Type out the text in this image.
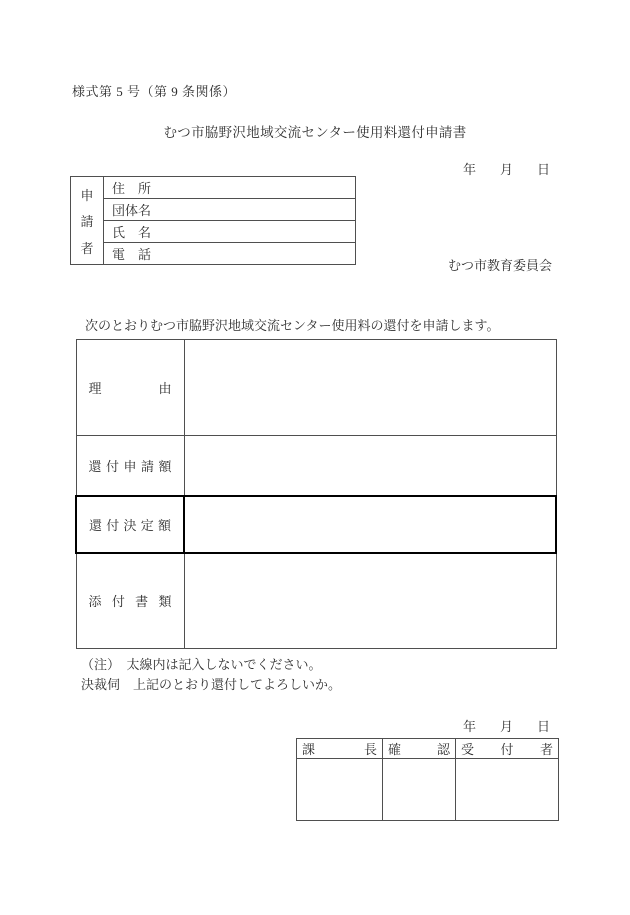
様式第 5 号（第 9 条関係）
むつ市脇野沢地域交流センター使用料還付申請書
年 月 日
申
請
者
	住　所
団体名
氏　名
電　話
むつ市教育委員会
次のとおりむつ市脇野沢地域交流センター使用料の還付を申請します。
理由	
還付申請額	
還付決定額	
添付書類	
（注）　太線内は記入しないでください。
決裁伺　上記のとおり還付してよろしいか。
年 月 日
課長	確認	受付者
